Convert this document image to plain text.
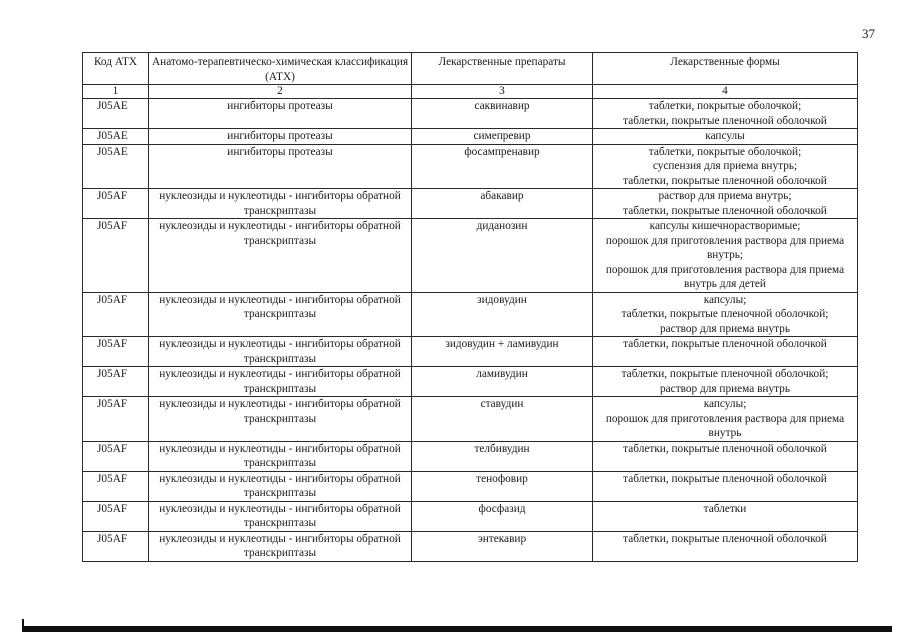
37
Код АТХ	Анатомо-терапевтическо-химическая классификация (АТХ)	Лекарственные препараты	Лекарственные формы
1	2	3	4
J05AE	ингибиторы протеазы	саквинавир	таблетки, покрытые оболочкой;
таблетки, покрытые пленочной оболочкой

J05AE	ингибиторы протеазы	симепревир	капсулы

J05AE	ингибиторы протеазы	фосампренавир	таблетки, покрытые оболочкой;
суспензия для приема внутрь;
таблетки, покрытые пленочной оболочкой

J05AF	нуклеозиды и нуклеотиды - ингибиторы обратной транскриптазы	абакавир	раствор для приема внутрь;
таблетки, покрытые пленочной оболочкой

J05AF	нуклеозиды и нуклеотиды - ингибиторы обратной транскриптазы	диданозин	капсулы кишечнорастворимые;
порошок для приготовления раствора для приема внутрь;
порошок для приготовления раствора для приема внутрь для детей

J05AF	нуклеозиды и нуклеотиды - ингибиторы обратной транскриптазы	зидовудин	капсулы;
таблетки, покрытые пленочной оболочкой;
раствор для приема внутрь

J05AF	нуклеозиды и нуклеотиды - ингибиторы обратной транскриптазы	зидовудин + ламивудин	таблетки, покрытые пленочной оболочкой

J05AF	нуклеозиды и нуклеотиды - ингибиторы обратной транскриптазы	ламивудин	таблетки, покрытые пленочной оболочкой;
раствор для приема внутрь

J05AF	нуклеозиды и нуклеотиды - ингибиторы обратной транскриптазы	ставудин	капсулы;
порошок для приготовления раствора для приема внутрь

J05AF	нуклеозиды и нуклеотиды - ингибиторы обратной транскриптазы	телбивудин	таблетки, покрытые пленочной оболочкой

J05AF	нуклеозиды и нуклеотиды - ингибиторы обратной транскриптазы	тенофовир	таблетки, покрытые пленочной оболочкой

J05AF	нуклеозиды и нуклеотиды - ингибиторы обратной транскриптазы	фосфазид	таблетки

J05AF	нуклеозиды и нуклеотиды - ингибиторы обратной транскриптазы	энтекавир	таблетки, покрытые пленочной оболочкой
